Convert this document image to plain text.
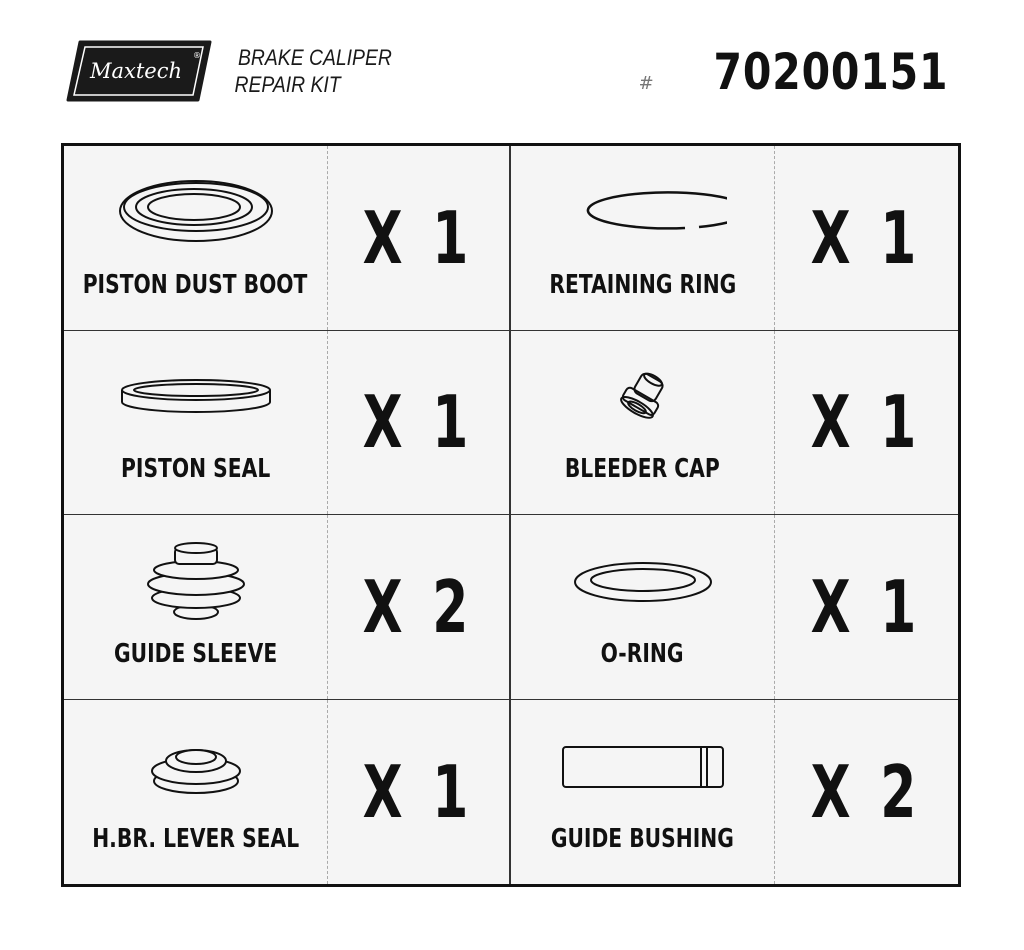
Maxtech
® BRAKE CALIPER
REPAIR KIT	# 70200151
PISTON DUST BOOT
X 1
RETAINING RING
X 1
PISTON SEAL
X 1
BLEEDER CAP
X 1
GUIDE SLEEVE
X 2
O-RING
X 1
H.BR. LEVER SEAL
X 1
GUIDE BUSHING
X 2
